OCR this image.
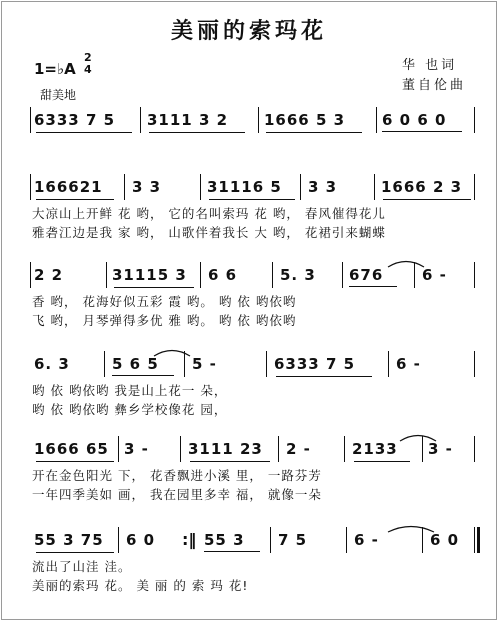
美丽的索玛花
1=♭A
2
4
甜美地
华 也词
董自伦曲
6333 7 5	3111 3 2	1666 5 3	6 0 6 0
166621	3 3	31116 5	3 3	1666 2 3
大凉山上开鲜 花 哟， 它的名叫索玛 花 哟， 春风催得花儿
雅砻江边是我 家 哟， 山歌伴着我长 大 哟， 花裙引来蝴蝶
2 2	31115 3	6 6	5. 3	676	6 -
香 哟， 花海好似五彩 霞 哟。 哟 依 哟依哟
飞 哟， 月琴弹得多优 雅 哟。 哟 依 哟依哟
6. 3	5 6 5	5 -	6333 7 5	6 -
哟 依 哟依哟 我是山上花一 朵，
哟 依 哟依哟 彝乡学校像花 园，
1666 65	3 -	3111 23	2 -	2133	3 -
开在金色阳光 下， 花香飘进小溪 里， 一路芬芳
一年四季美如 画， 我在园里多幸 福， 就像一朵
55 3 75	6 0	:‖ 55 3	7 5	6 -	6 0
流出了山洼 洼。
美丽的索玛 花。 美 丽 的 索 玛 花!
